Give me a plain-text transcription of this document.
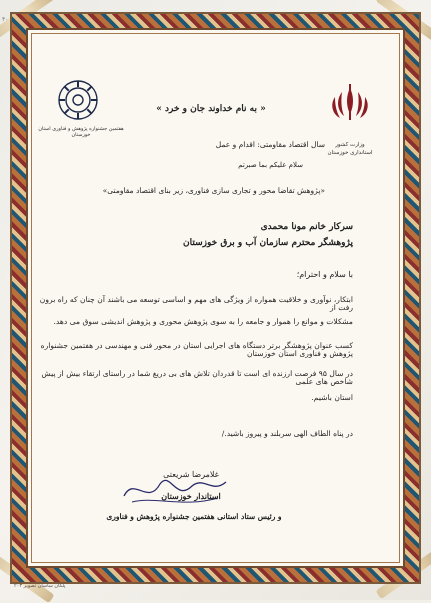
۴۰
وزارت کشور
استانداری خوزستان
هفتمین جشنواره پژوهش و فناوری استان خوزستان
« به نام خداوند جان و خرد »
سال اقتصاد مقاومتی: اقدام و عمل
سلام علیکم بما صبرتم
«پژوهش تقاضا محور و تجاری سازی فناوری، زیر بنای اقتصاد مقاومتی»
سرکار خانم مونا محمدی
پژوهشگر محترم سازمان آب و برق خوزستان
با سلام و احترام؛
ابتکار، نوآوری و خلاقیت همواره از ویژگی های مهم و اساسی توسعه می باشند آن چنان که راه برون رفت از
مشکلات و موانع را هموار و جامعه را به سوی پژوهش محوری و پژوهش اندیشی سوق می دهد.
کسب عنوان پژوهشگر برتر دستگاه های اجرایی استان در محور فنی و مهندسی در هفتمین جشنواره پژوهش و فناوری استان خوزستان
در سال ۹۵ فرصت ارزنده ای است تا قدردان تلاش های بی دریغ شما در راستای ارتقاء بیش از پیش شاخص های علمی
استان باشیم.
در پناه الطاف الهی سربلند و پیروز باشید./
غلامرضا شریعتی
استاندار خوزستان
و رئیس ستاد استانی هفتمین جشنواره پژوهش و فناوری
پلکان ساسان تصویر ۲۰۳
